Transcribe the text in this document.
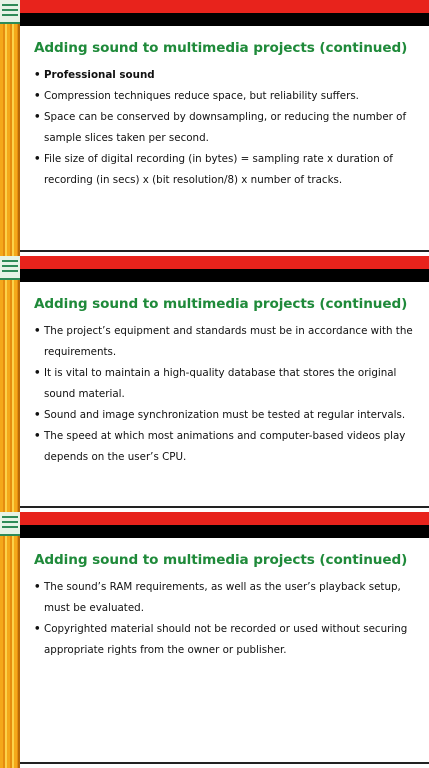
Adding sound to multimedia projects (continued)
• Professional sound
• Compression techniques reduce space, but reliability suffers.
• Space can be conserved by downsampling, or reducing the number of sample slices taken per second.
• File size of digital recording (in bytes) = sampling rate x duration of recording (in secs) x (bit resolution/8) x number of tracks.
Adding sound to multimedia projects (continued)
• The project’s equipment and standards must be in accordance with the requirements.
• It is vital to maintain a high-quality database that stores the original sound material.
• Sound and image synchronization must be tested at regular intervals.
• The speed at which most animations and computer-based videos play depends on the user’s CPU.
Adding sound to multimedia projects (continued)
• The sound’s RAM requirements, as well as the user’s playback setup, must be evaluated.
• Copyrighted material should not be recorded or used without securing appropriate rights from the owner or publisher.
